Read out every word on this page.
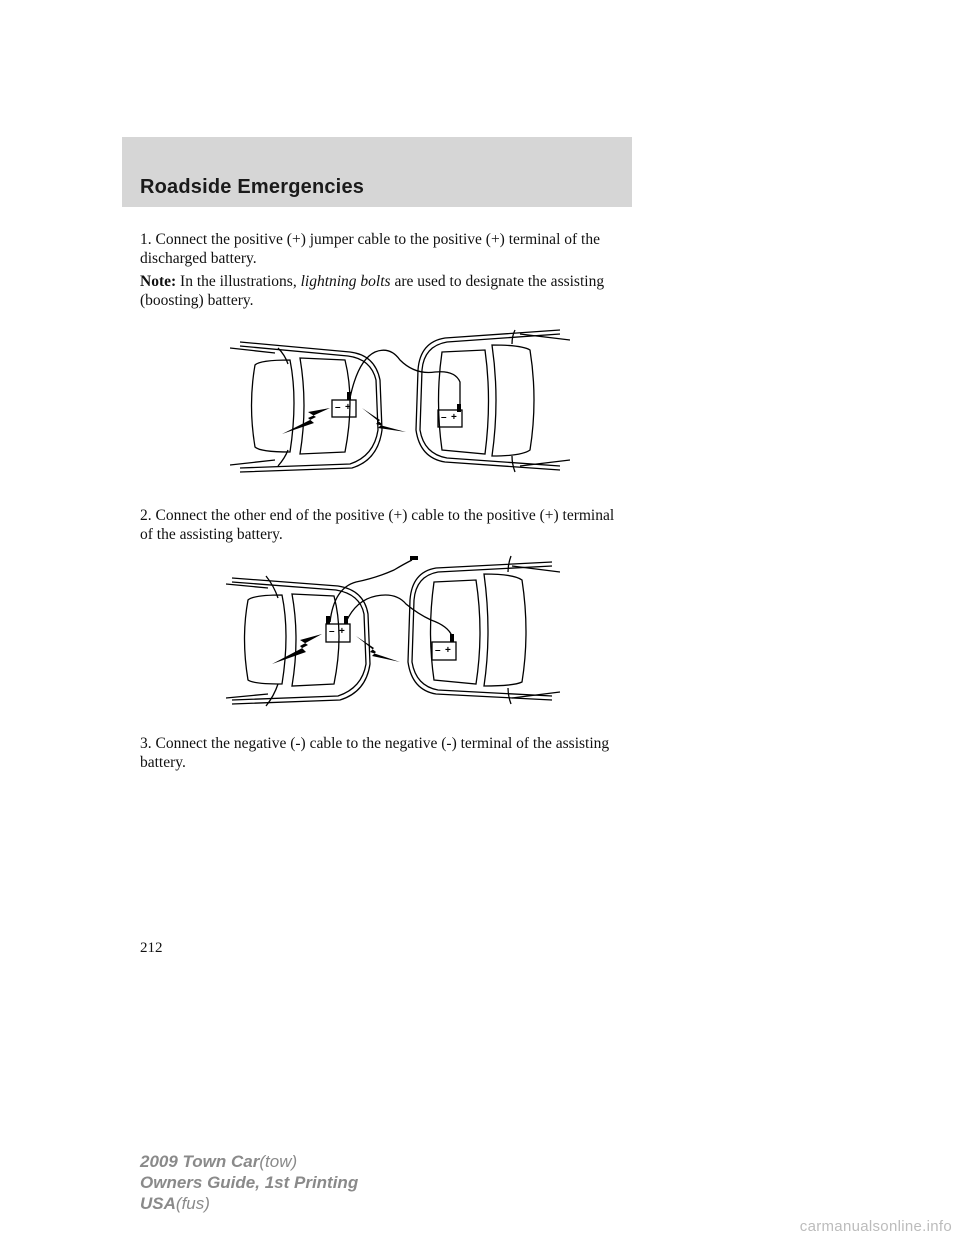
Roadside Emergencies
1. Connect the positive (+) jumper cable to the positive (+) terminal of the discharged battery.
Note: In the illustrations, lightning bolts are used to designate the assisting (boosting) battery.
– +
– +
2. Connect the other end of the positive (+) cable to the positive (+) terminal of the assisting battery.
– +
– +
3. Connect the negative (-) cable to the negative (-) terminal of the assisting battery.
212
2009 Town Car(tow)
Owners Guide, 1st Printing
USA(fus)
carmanualsonline.info
